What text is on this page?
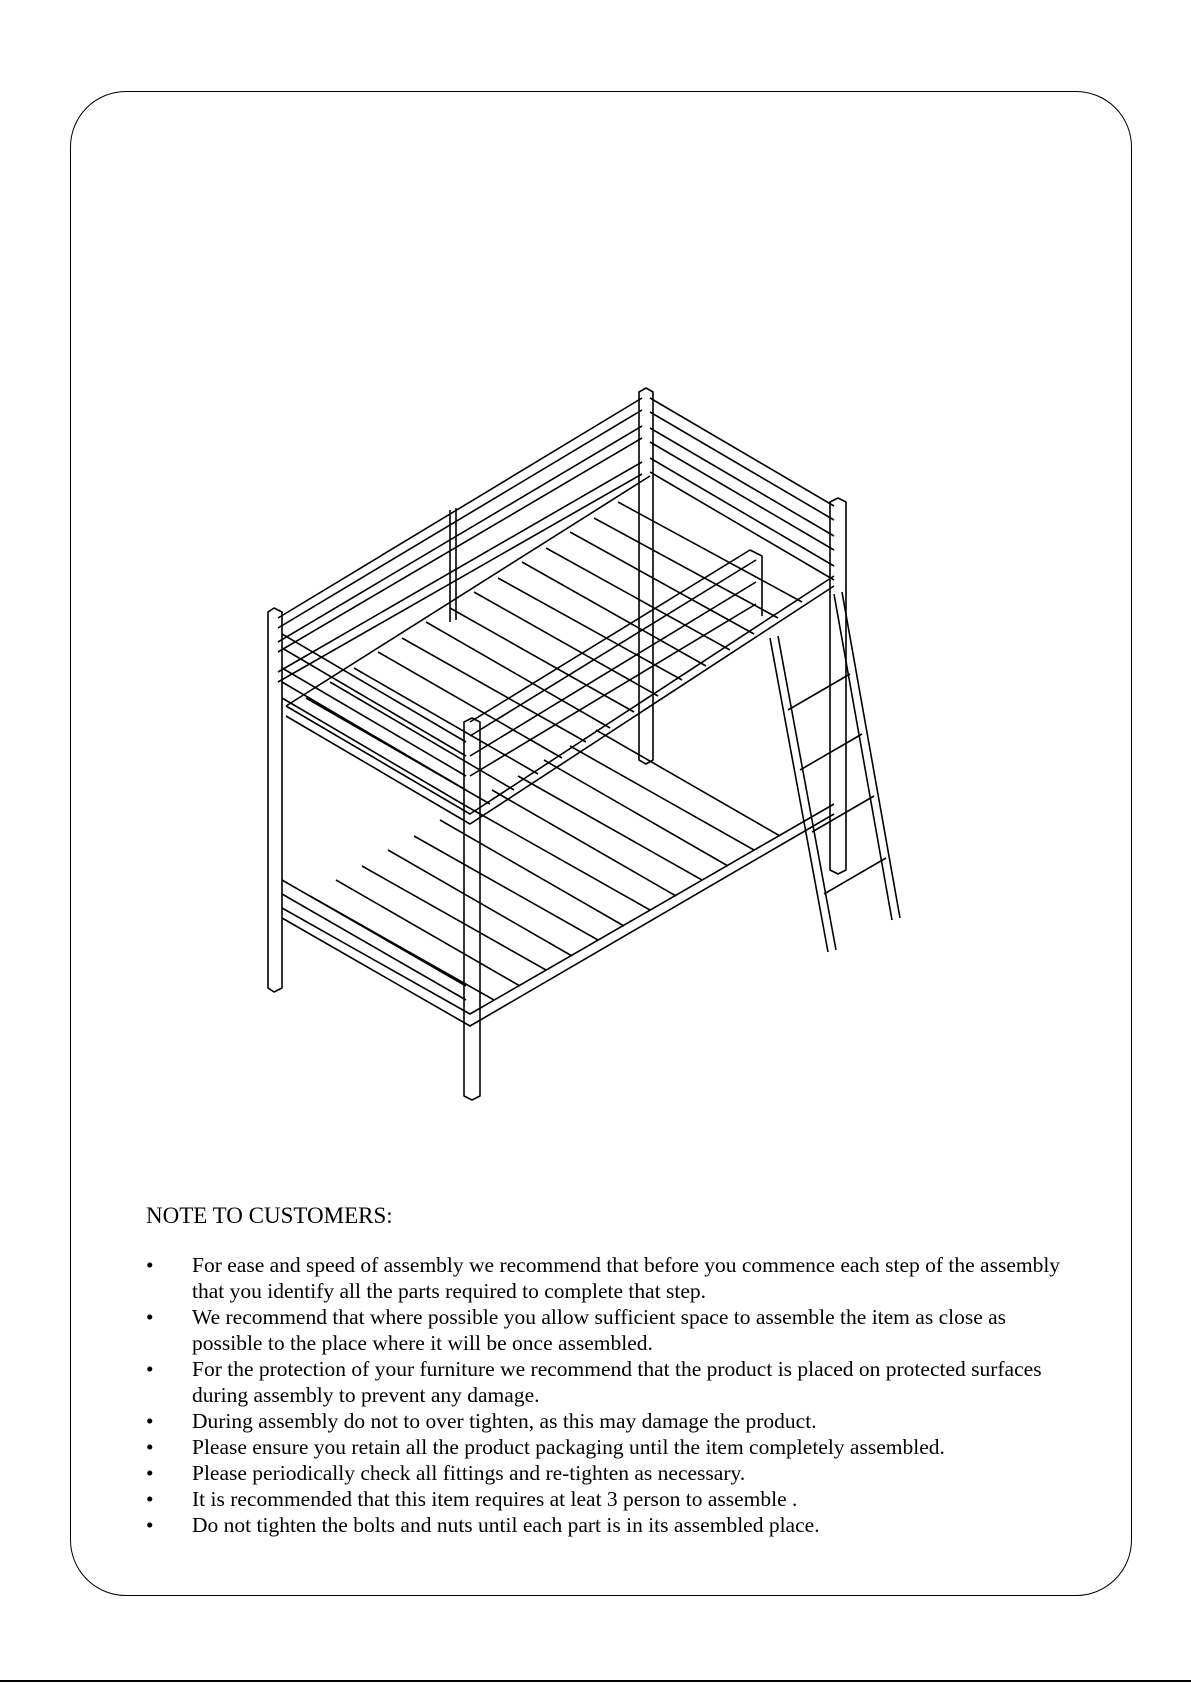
NOTE TO CUSTOMERS:
• For ease and speed of assembly we recommend that before you commence each step of the assembly that you identify all the parts required to complete that step.
• We recommend that where possible you allow sufficient space to assemble the item as close as possible to the place where it will be once assembled.
• For the protection of your furniture we recommend that the product is placed on protected surfaces during assembly to prevent any damage.
• During assembly do not to over tighten, as this may damage the product.
• Please ensure you retain all the product packaging until the item completely assembled.
• Please periodically check all fittings and re-tighten as necessary.
• It is recommended that this item requires at leat 3 person to assemble .
• Do not tighten the bolts and nuts until each part is in its assembled place.
